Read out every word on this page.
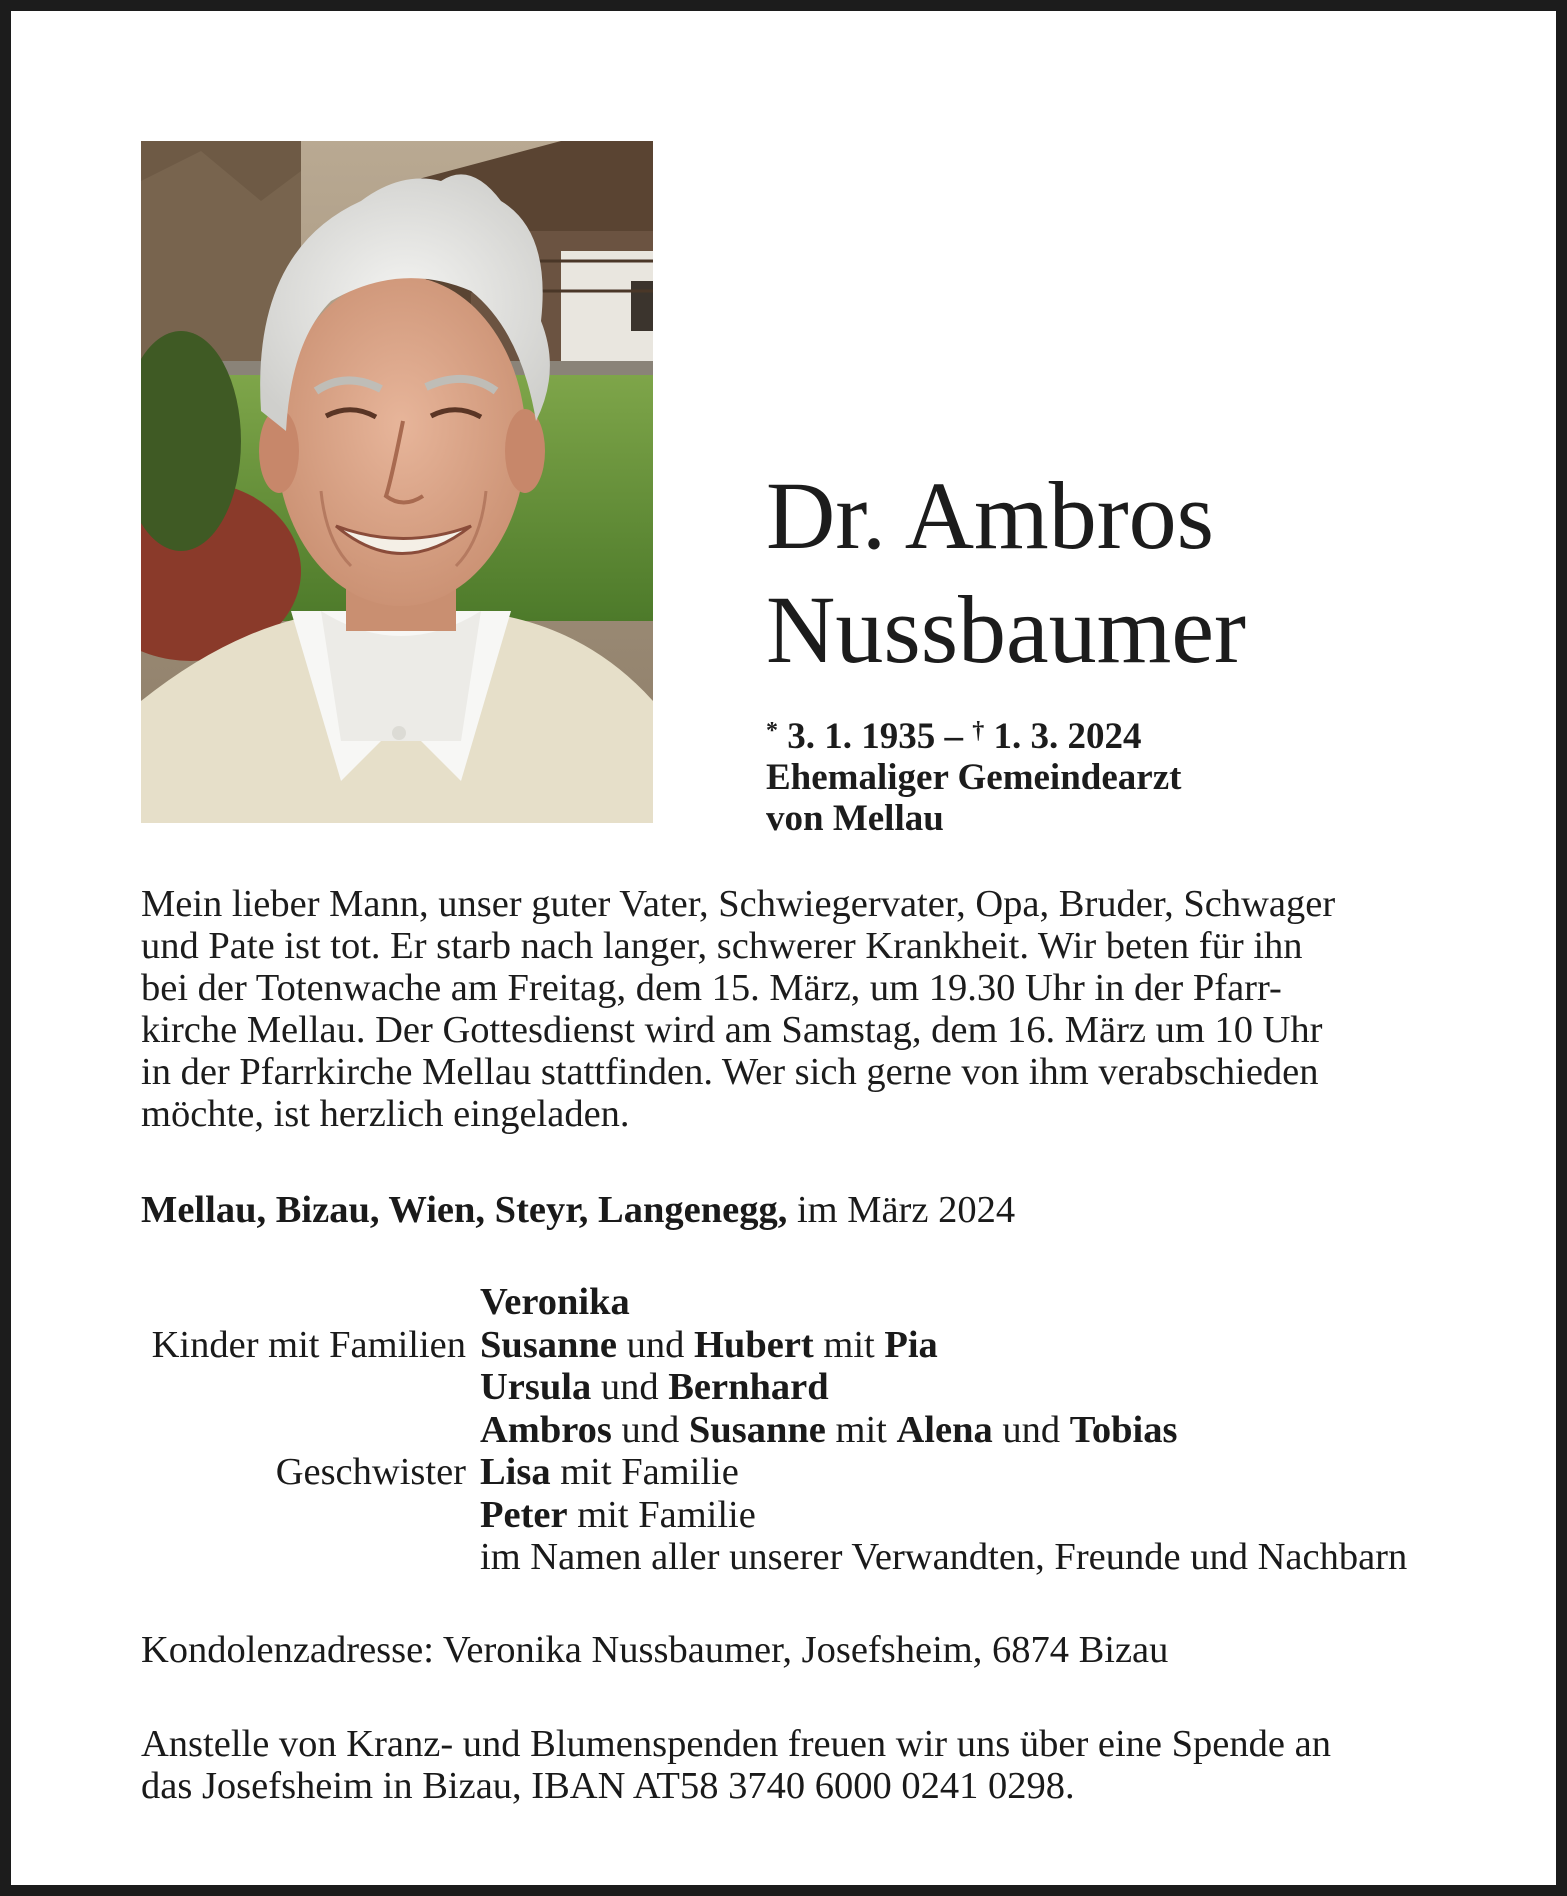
Dr. Ambros
Nussbaumer
* 3. 1. 1935 – † 1. 3. 2024
Ehemaliger Gemeindearzt
von Mellau
Mein lieber Mann, unser guter Vater, Schwiegervater, Opa, Bruder, Schwager
und Pate ist tot. Er starb nach langer, schwerer Krankheit. Wir beten für ihn
bei der Totenwache am Freitag, dem 15. März, um 19.30 Uhr in der Pfarr-
kirche Mellau. Der Gottesdienst wird am Samstag, dem 16. März um 10 Uhr
in der Pfarrkirche Mellau stattfinden. Wer sich gerne von ihm verabschieden
möchte, ist herzlich eingeladen.
Mellau, Bizau, Wien, Steyr, Langenegg, im März 2024
Veronika
Kinder mit Familien Susanne und Hubert mit Pia
Ursula und Bernhard
Ambros und Susanne mit Alena und Tobias
Geschwister Lisa mit Familie
Peter mit Familie
im Namen aller unserer Verwandten, Freunde und Nachbarn
Kondolenzadresse: Veronika Nussbaumer, Josefsheim, 6874 Bizau
Anstelle von Kranz- und Blumenspenden freuen wir uns über eine Spende an
das Josefsheim in Bizau, IBAN AT58 3740 6000 0241 0298.
